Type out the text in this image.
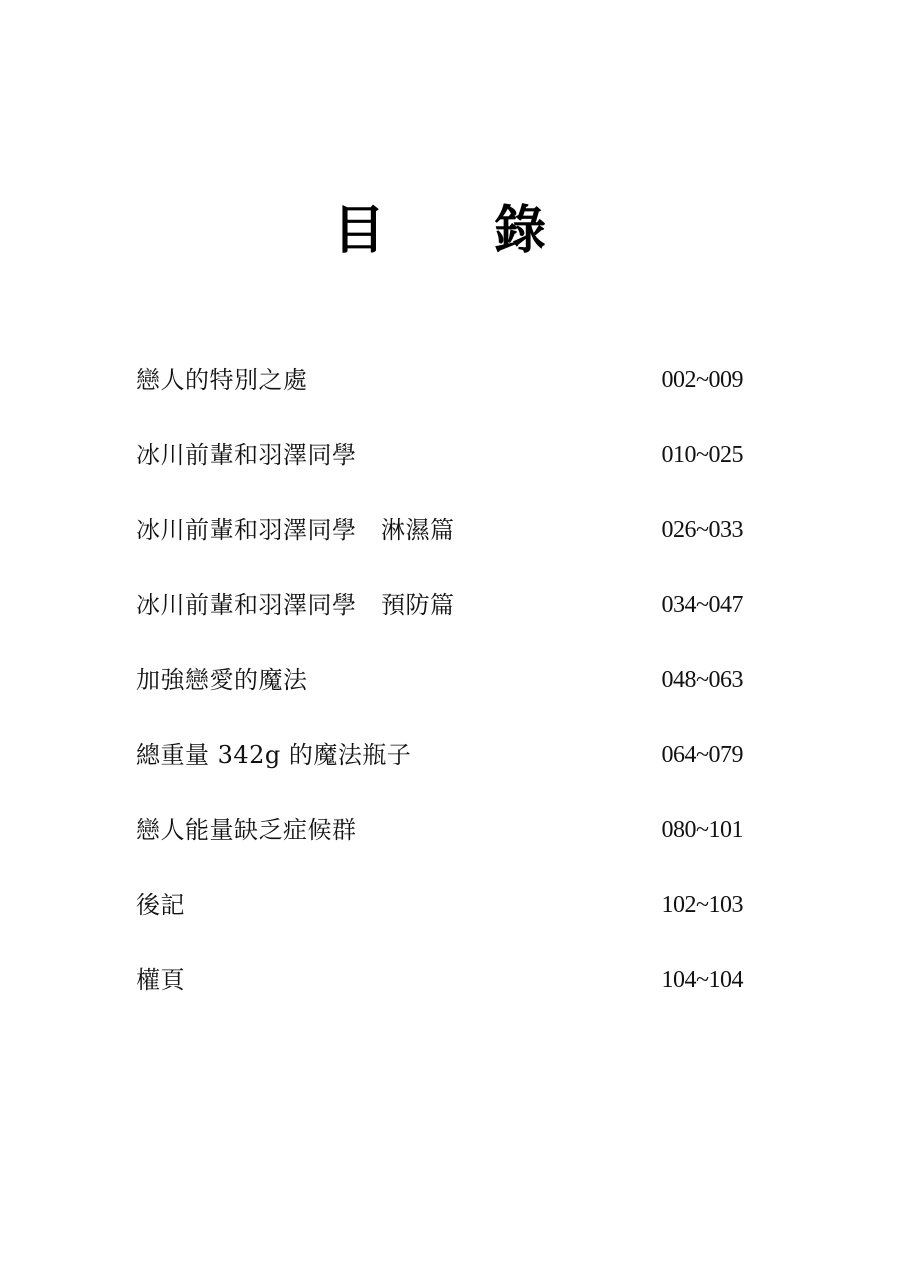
目 錄
戀人的特別之處	002~009
冰川前輩和羽澤同學	010~025
冰川前輩和羽澤同學　淋濕篇	026~033
冰川前輩和羽澤同學　預防篇	034~047
加強戀愛的魔法	048~063
總重量 342g 的魔法瓶子	064~079
戀人能量缺乏症候群	080~101
後記	102~103
權頁	104~104
